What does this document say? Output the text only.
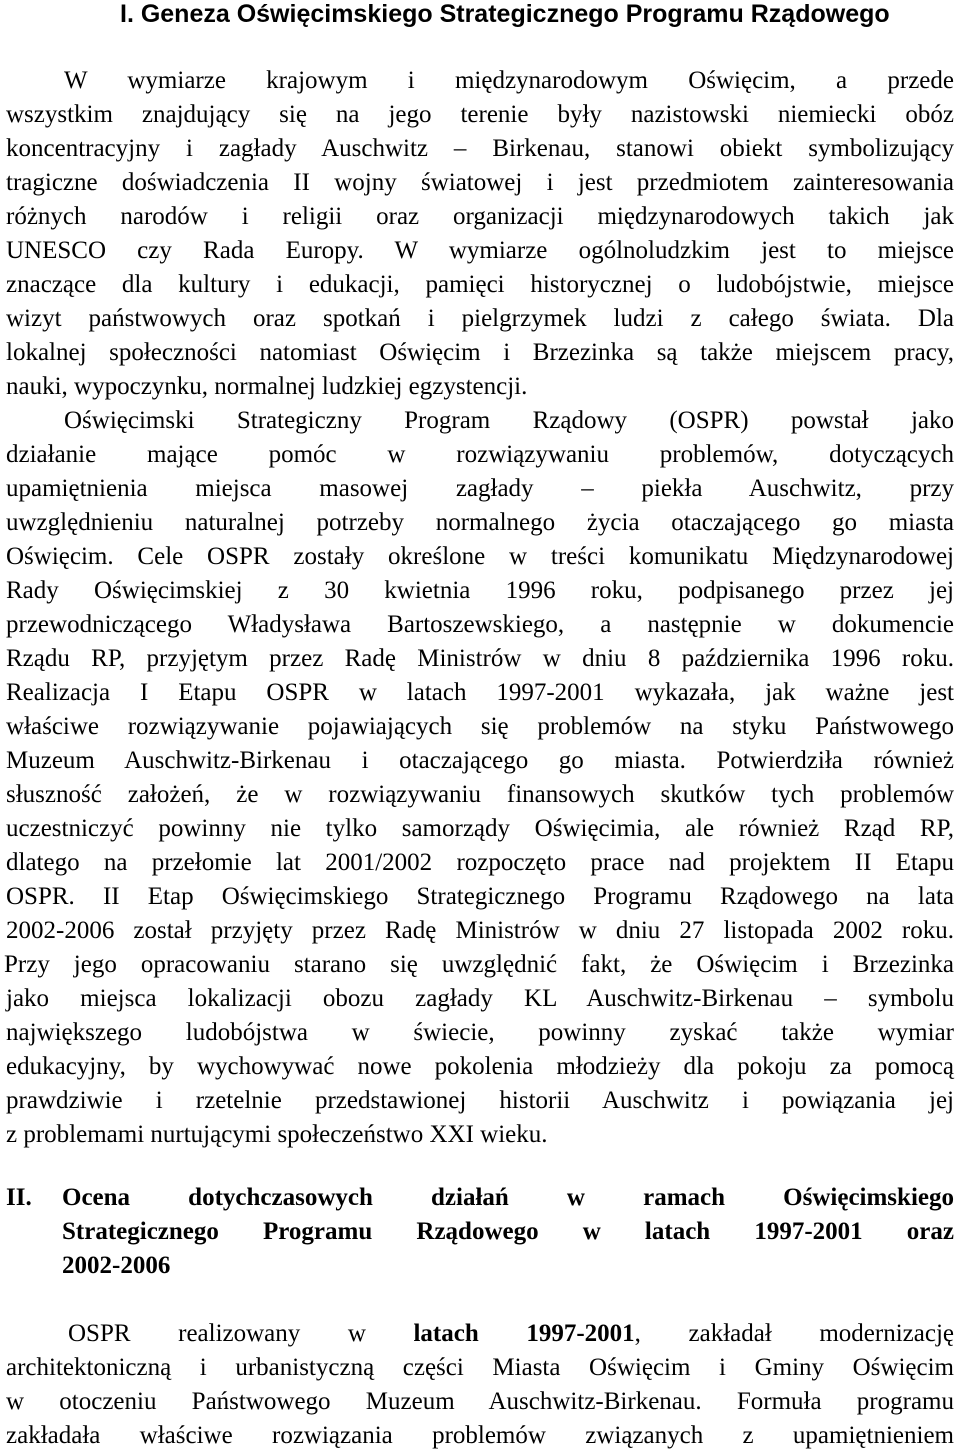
I. Geneza Oświęcimskiego Strategicznego Programu Rządowego
W wymiarze krajowym i międzynarodowym Oświęcim, a przede
wszystkim znajdujący się na jego terenie były nazistowski niemiecki obóz
koncentracyjny i zagłady Auschwitz – Birkenau, stanowi obiekt symbolizujący
tragiczne doświadczenia II wojny światowej i jest przedmiotem zainteresowania
różnych narodów i religii oraz organizacji międzynarodowych takich jak
UNESCO czy Rada Europy. W wymiarze ogólnoludzkim jest to miejsce
znaczące dla kultury i edukacji, pamięci historycznej o ludobójstwie, miejsce
wizyt państwowych oraz spotkań i pielgrzymek ludzi z całego świata. Dla
lokalnej społeczności natomiast Oświęcim i Brzezinka są także miejscem pracy,
nauki, wypoczynku, normalnej ludzkiej egzystencji.
Oświęcimski Strategiczny Program Rządowy (OSPR) powstał jako
działanie mające pomóc w rozwiązywaniu problemów, dotyczących
upamiętnienia miejsca masowej zagłady – piekła Auschwitz, przy
uwzględnieniu naturalnej potrzeby normalnego życia otaczającego go miasta
Oświęcim. Cele OSPR zostały określone w treści komunikatu Międzynarodowej
Rady Oświęcimskiej z 30 kwietnia 1996 roku, podpisanego przez jej
przewodniczącego Władysława Bartoszewskiego, a następnie w dokumencie
Rządu RP, przyjętym przez Radę Ministrów w dniu 8 października 1996 roku.
Realizacja I Etapu OSPR w latach 1997-2001 wykazała, jak ważne jest
właściwe rozwiązywanie pojawiających się problemów na styku Państwowego
Muzeum Auschwitz-Birkenau i otaczającego go miasta. Potwierdziła również
słuszność założeń, że w rozwiązywaniu finansowych skutków tych problemów
uczestniczyć powinny nie tylko samorządy Oświęcimia, ale również Rząd RP,
dlatego na przełomie lat 2001/2002 rozpoczęto prace nad projektem II Etapu
OSPR. II Etap Oświęcimskiego Strategicznego Programu Rządowego na lata
2002-2006 został przyjęty przez Radę Ministrów w dniu 27 listopada 2002 roku.
Przy jego opracowaniu starano się uwzględnić fakt, że Oświęcim i Brzezinka
jako miejsca lokalizacji obozu zagłady KL Auschwitz-Birkenau – symbolu
największego ludobójstwa w świecie, powinny zyskać także wymiar
edukacyjny, by wychowywać nowe pokolenia młodzieży dla pokoju za pomocą
prawdziwie i rzetelnie przedstawionej historii Auschwitz i powiązania jej
z problemami nurtującymi społeczeństwo XXI wieku.
II. Ocena dotychczasowych działań w ramach Oświęcimskiego
Strategicznego Programu Rządowego w latach 1997-2001 oraz
2002-2006
OSPR realizowany w latach 1997-2001, zakładał modernizację
architektoniczną i urbanistyczną części Miasta Oświęcim i Gminy Oświęcim
w otoczeniu Państwowego Muzeum Auschwitz-Birkenau. Formuła programu
zakładała właściwe rozwiązania problemów związanych z upamiętnieniem
